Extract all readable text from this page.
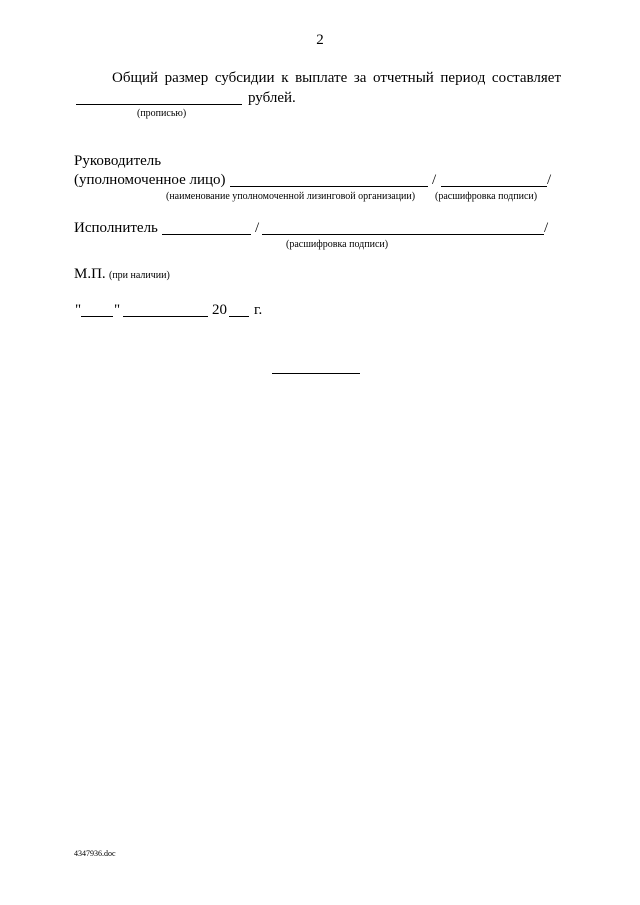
2
Общий размер субсидии к выплате за отчетный период составляет
рублей.
(прописью)
Руководитель
(уполномоченное лицо)	/	/
(наименование уполномоченной лизинговой организации) (расшифровка подписи)
Исполнитель	/	/
(расшифровка подписи)
М.П. (при наличии)
" "	20 г.
4347936.doc
